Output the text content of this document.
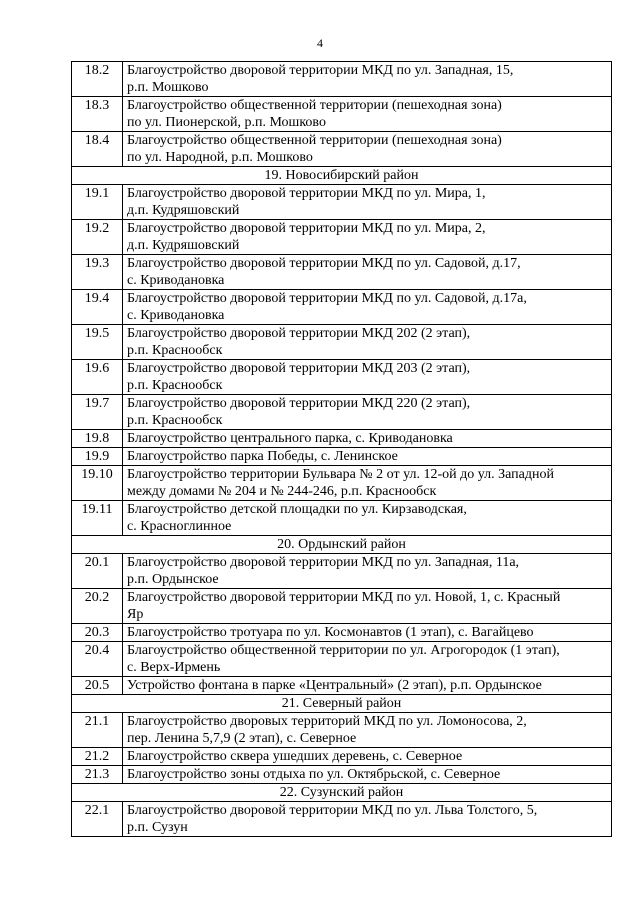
4
18.2	Благоустройство дворовой территории МКД по ул. Западная, 15,
р.п. Мошково

18.3	Благоустройство общественной территории (пешеходная зона)
по ул. Пионерской, р.п. Мошково

18.4	Благоустройство общественной территории (пешеходная зона)
по ул. Народной, р.п. Мошково

19. Новосибирский район	
19.1	Благоустройство дворовой территории МКД по ул. Мира, 1,
д.п. Кудряшовский

19.2	Благоустройство дворовой территории МКД по ул. Мира, 2,
д.п. Кудряшовский

19.3	Благоустройство дворовой территории МКД по ул. Садовой, д.17,
с. Криводановка

19.4	Благоустройство дворовой территории МКД по ул. Садовой, д.17а,
с. Криводановка

19.5	Благоустройство дворовой территории МКД 202 (2 этап),
р.п. Краснообск

19.6	Благоустройство дворовой территории МКД 203 (2 этап),
р.п. Краснообск

19.7	Благоустройство дворовой территории МКД 220 (2 этап),
р.п. Краснообск

19.8	Благоустройство центрального парка, с. Криводановка

19.9	Благоустройство парка Победы, с. Ленинское

19.10	Благоустройство территории Бульвара № 2 от ул. 12-ой до ул. Западной
между домами № 204 и № 244-246, р.п. Краснообск

19.11	Благоустройство детской площадки по ул. Кирзаводская,
с. Красноглинное

20. Ордынский район	
20.1	Благоустройство дворовой территории МКД по ул. Западная, 11а,
р.п. Ордынское

20.2	Благоустройство дворовой территории МКД по ул. Новой, 1, с. Красный
Яр

20.3	Благоустройство тротуара по ул. Космонавтов (1 этап), с. Вагайцево

20.4	Благоустройство общественной территории по ул. Агрогородок (1 этап),
с. Верх-Ирмень

20.5	Устройство фонтана в парке «Центральный» (2 этап), р.п. Ордынское

21. Северный район	
21.1	Благоустройство дворовых территорий МКД по ул. Ломоносова, 2,
пер. Ленина 5,7,9 (2 этап), с. Северное

21.2	Благоустройство сквера ушедших деревень, с. Северное

21.3	Благоустройство зоны отдыха по ул. Октябрьской, с. Северное

22. Сузунский район	
22.1	Благоустройство дворовой территории МКД по ул. Льва Толстого, 5,
р.п. Сузун
